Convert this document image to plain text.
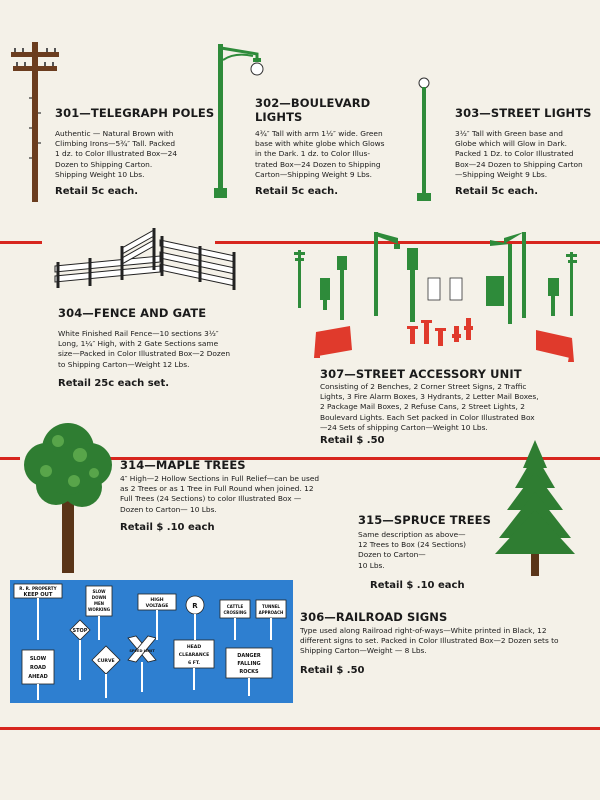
R. R. PROPERTY
KEEP OUT
SLOW
DOWN
MEN
WORKING
HIGH
VOLTAGE	R	CATTLE
CROSSING
TUNNEL
APPROACH
STOP
SLOW
ROAD
AHEAD
CURVE
SPEED LIMIT
HEAD
CLEARANCE
6 FT.
DANGER
FALLING
ROCKS
301—TELEGRAPH POLES
Authentic — Natural Brown with
Climbing Irons—5¾″ Tall. Packed
1 dz. to Color Illustrated Box—24
Dozen to Shipping Carton.
Shipping Weight 10 Lbs.
Retail 5c each.
302—BOULEVARD
LIGHTS
4¾″ Tall with arm 1½″ wide. Green
base with white globe which Glows
in the Dark. 1 dz. to Color Illus-
trated Box—24 Dozen to Shipping
Carton—Shipping Weight 9 Lbs.
Retail 5c each.
303—STREET LIGHTS
3½″ Tall with Green base and
Globe which will Glow in Dark.
Packed 1 Dz. to Color Illustrated
Box—24 Dozen to Shipping Carton
—Shipping Weight 9 Lbs.
Retail 5c each.
304—FENCE AND GATE
White Finished Rail Fence—10 sections 3½″
Long, 1¼″ High, with 2 Gate Sections same
size—Packed in Color Illustrated Box—2 Dozen
to Shipping Carton—Weight 12 Lbs.
Retail 25c each set.
307—STREET ACCESSORY UNIT
Consisting of 2 Benches, 2 Corner Street Signs, 2 Traffic
Lights, 3 Fire Alarm Boxes, 3 Hydrants, 2 Letter Mail Boxes,
2 Package Mail Boxes, 2 Refuse Cans, 2 Street Lights, 2
Boulevard Lights. Each Set packed in Color Illustrated Box
—24 Sets of shipping Carton—Weight 10 Lbs.
Retail $ .50
314—MAPLE TREES
4″ High—2 Hollow Sections in Full Relief—can be used
as 2 Trees or as 1 Tree in Full Round when joined. 12
Full Trees (24 Sections) to color Illustrated Box —
Dozen to Carton— 10 Lbs.
Retail $ .10 each
315—SPRUCE TREES
Same description as above—
12 Trees to Box (24 Sections)
Dozen to Carton—
10 Lbs.
Retail $ .10 each
306—RAILROAD SIGNS
Type used along Railroad right-of-ways—White printed in Black, 12
different signs to set. Packed in Color Illustrated Box—2 Dozen sets to
Shipping Carton—Weight — 8 Lbs.
Retail $ .50
